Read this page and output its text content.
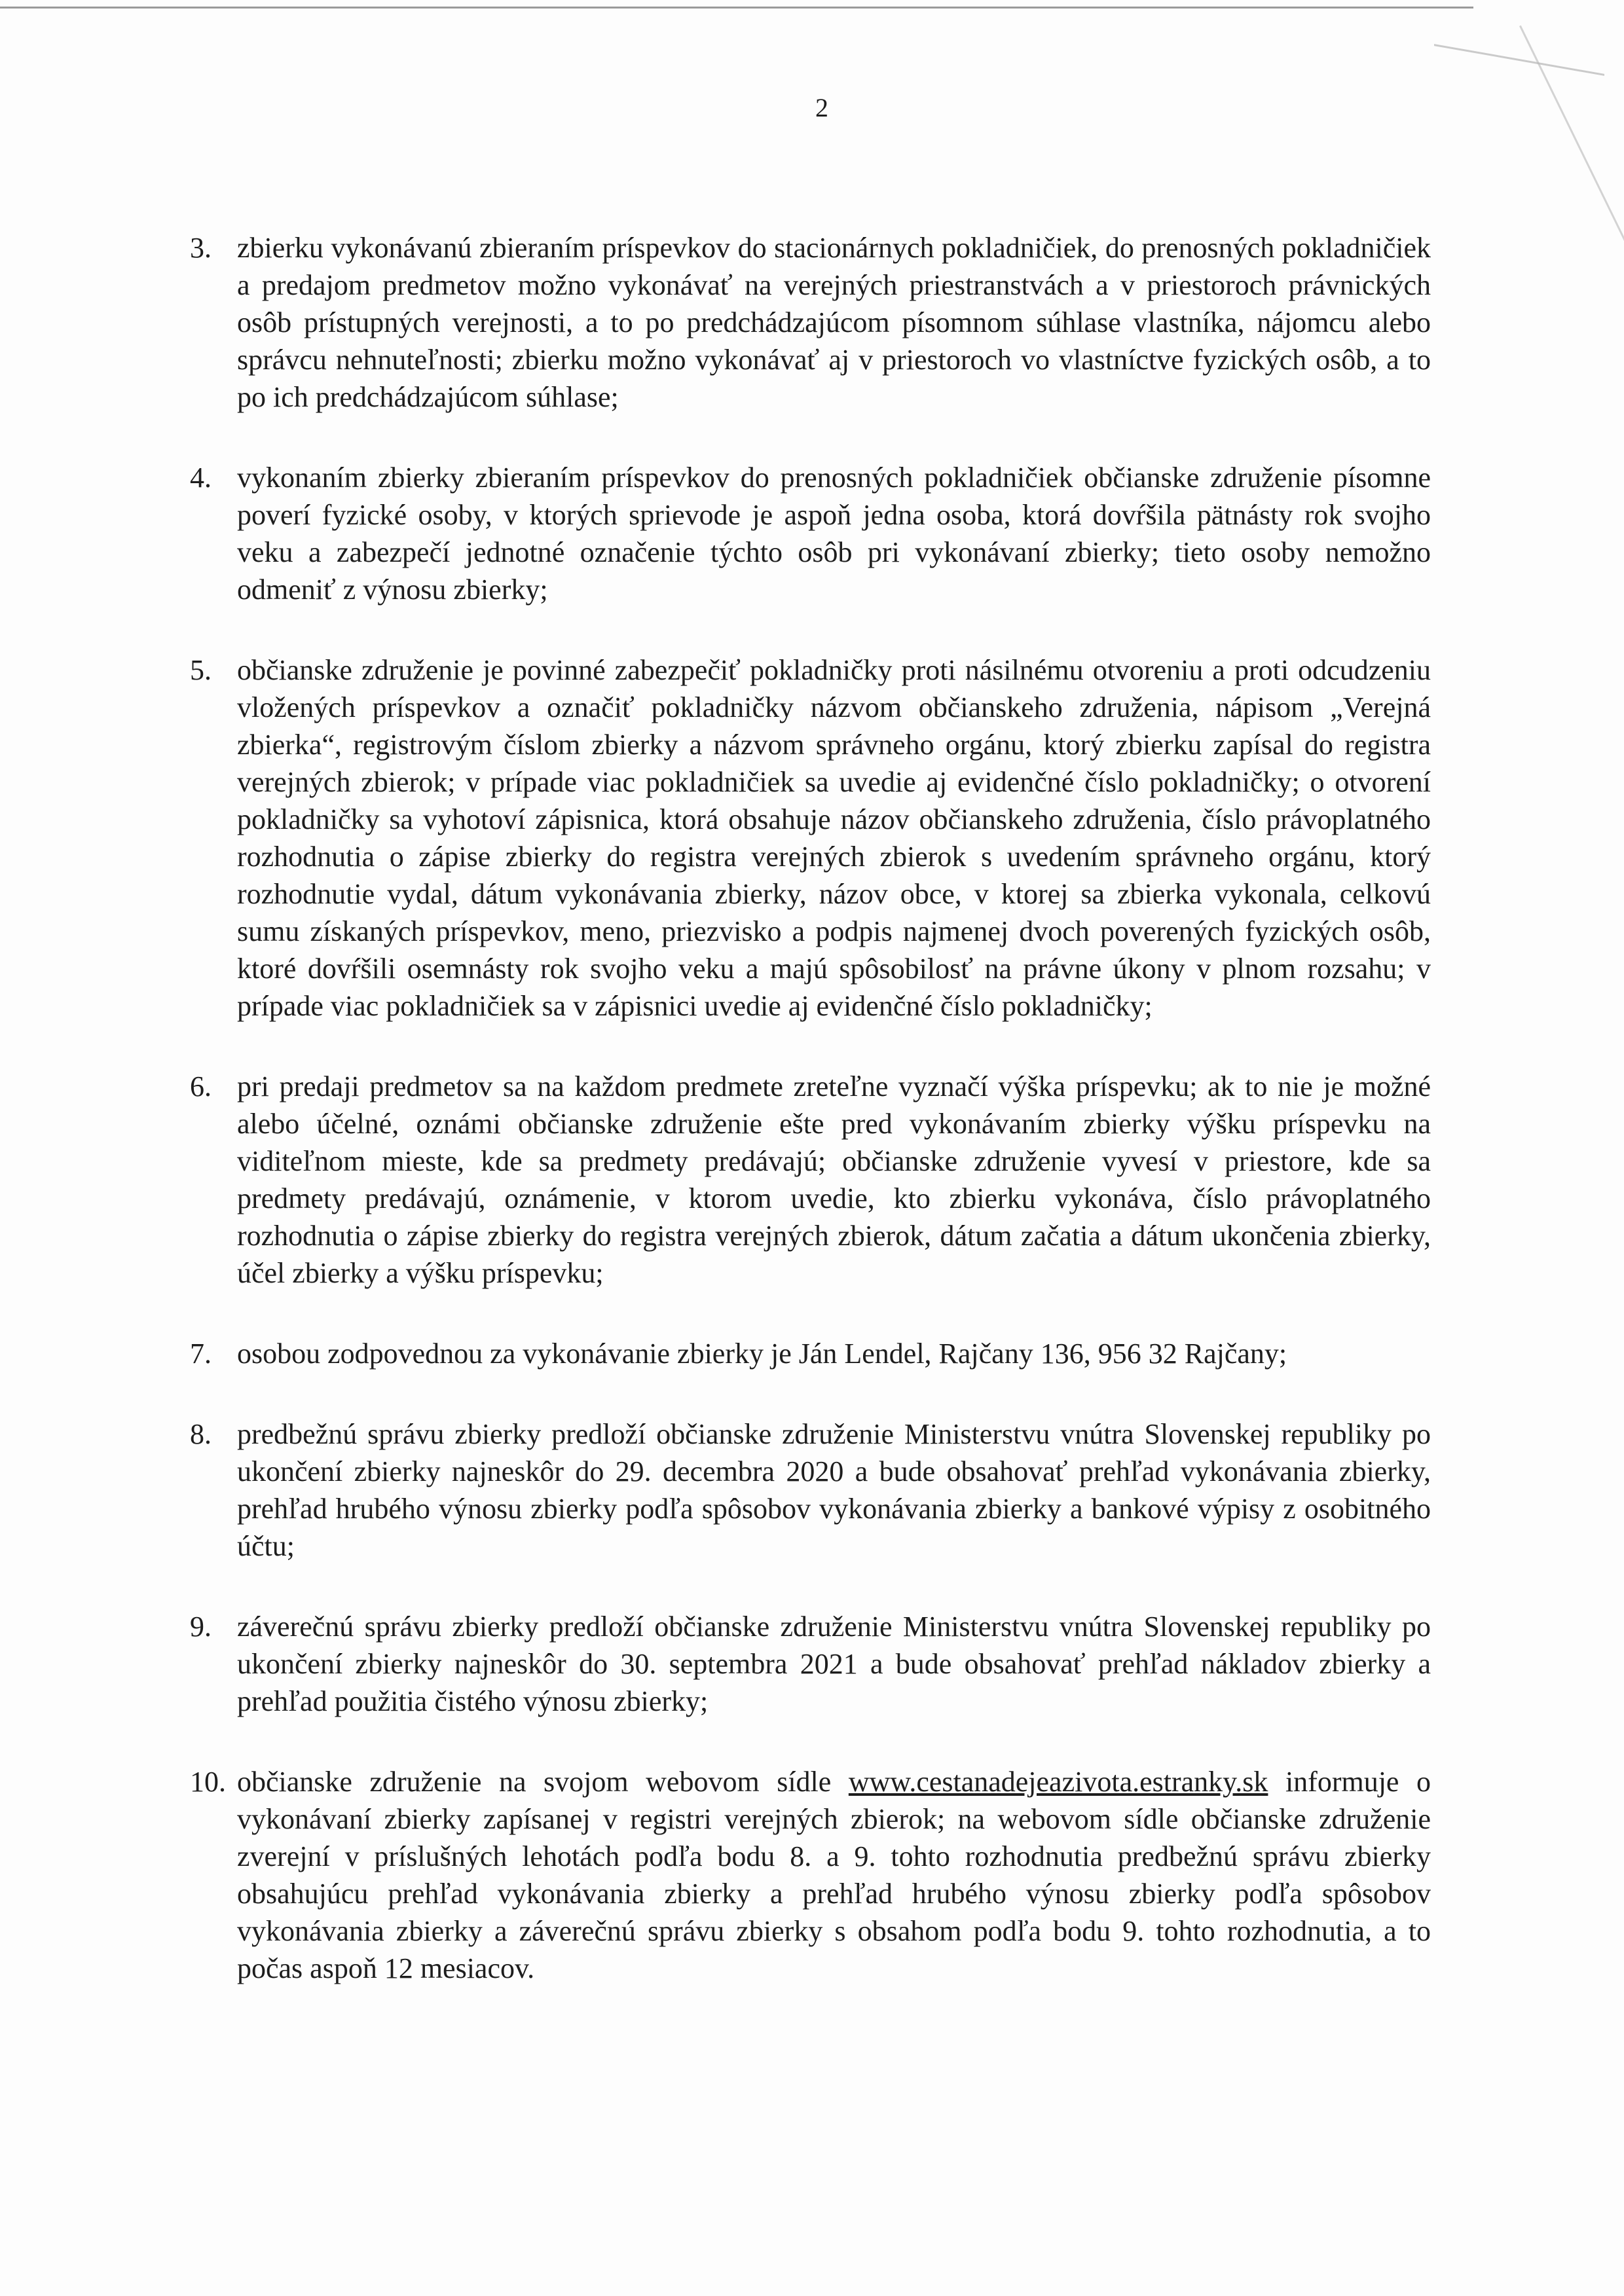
2
3. zbierku vykonávanú zbieraním príspevkov do stacionárnych pokladničiek, do prenosných pokladničiek a predajom predmetov možno vykonávať na verejných priestranstvách a v priestoroch právnických osôb prístupných verejnosti, a to po predchádzajúcom písomnom súhlase vlastníka, nájomcu alebo správcu nehnuteľnosti; zbierku možno vykonávať aj v priestoroch vo vlastníctve fyzických osôb, a to po ich predchádzajúcom súhlase;
4. vykonaním zbierky zbieraním príspevkov do prenosných pokladničiek občianske združenie písomne poverí fyzické osoby, v ktorých sprievode je aspoň jedna osoba, ktorá dovŕšila pätnásty rok svojho veku a zabezpečí jednotné označenie týchto osôb pri vykonávaní zbierky; tieto osoby nemožno odmeniť z výnosu zbierky;
5. občianske združenie je povinné zabezpečiť pokladničky proti násilnému otvoreniu a proti odcudzeniu vložených príspevkov a označiť pokladničky názvom občianskeho združenia, nápisom „Verejná zbierka“, registrovým číslom zbierky a názvom správneho orgánu, ktorý zbierku zapísal do registra verejných zbierok; v prípade viac pokladničiek sa uvedie aj evidenčné číslo pokladničky; o otvorení pokladničky sa vyhotoví zápisnica, ktorá obsahuje názov občianskeho združenia, číslo právoplatného rozhodnutia o zápise zbierky do registra verejných zbierok s uvedením správneho orgánu, ktorý rozhodnutie vydal, dátum vykonávania zbierky, názov obce, v ktorej sa zbierka vykonala, celkovú sumu získaných príspevkov, meno, priezvisko a podpis najmenej dvoch poverených fyzických osôb, ktoré dovŕšili osemnásty rok svojho veku a majú spôsobilosť na právne úkony v plnom rozsahu; v prípade viac pokladničiek sa v zápisnici uvedie aj evidenčné číslo pokladničky;
6. pri predaji predmetov sa na každom predmete zreteľne vyznačí výška príspevku; ak to nie je možné alebo účelné, oznámi občianske združenie ešte pred vykonávaním zbierky výšku príspevku na viditeľnom mieste, kde sa predmety predávajú; občianske združenie vyvesí v priestore, kde sa predmety predávajú, oznámenie, v ktorom uvedie, kto zbierku vykonáva, číslo právoplatného rozhodnutia o zápise zbierky do registra verejných zbierok, dátum začatia a dátum ukončenia zbierky, účel zbierky a výšku príspevku;
7. osobou zodpovednou za vykonávanie zbierky je Ján Lendel, Rajčany 136, 956 32 Rajčany;
8. predbežnú správu zbierky predloží občianske združenie Ministerstvu vnútra Slovenskej republiky po ukončení zbierky najneskôr do 29. decembra 2020 a bude obsahovať prehľad vykonávania zbierky, prehľad hrubého výnosu zbierky podľa spôsobov vykonávania zbierky a bankové výpisy z osobitného účtu;
9. záverečnú správu zbierky predloží občianske združenie Ministerstvu vnútra Slovenskej republiky po ukončení zbierky najneskôr do 30. septembra 2021 a bude obsahovať prehľad nákladov zbierky a prehľad použitia čistého výnosu zbierky;
10. občianske združenie na svojom webovom sídle www.cestanadejeazivota.estranky.sk informuje o vykonávaní zbierky zapísanej v registri verejných zbierok; na webovom sídle občianske združenie zverejní v príslušných lehotách podľa bodu 8. a 9. tohto rozhodnutia predbežnú správu zbierky obsahujúcu prehľad vykonávania zbierky a prehľad hrubého výnosu zbierky podľa spôsobov vykonávania zbierky a záverečnú správu zbierky s obsahom podľa bodu 9. tohto rozhodnutia, a to počas aspoň 12 mesiacov.
